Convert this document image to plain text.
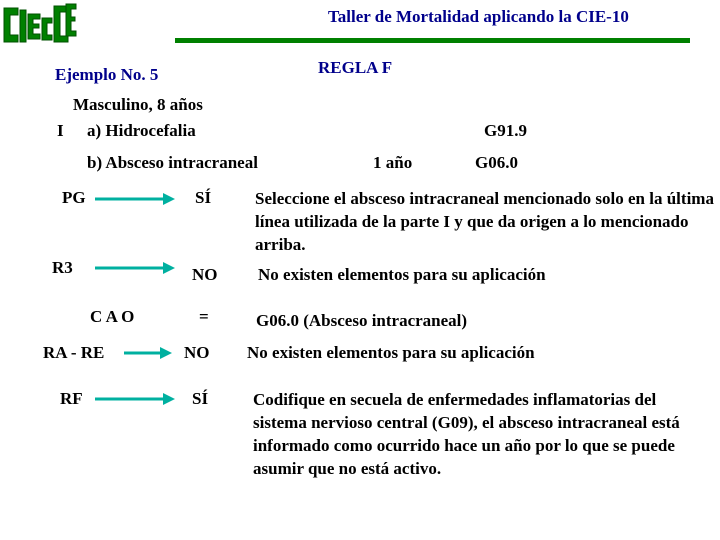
Taller de Mortalidad aplicando la CIE-10
Ejemplo No. 5	REGLA F
Masculino, 8 años
I a) Hidrocefalia	G91.9
b) Absceso intracraneal	1 año	G06.0
PG	SÍ	Seleccione el absceso intracraneal mencionado solo en la última línea utilizada de la parte I y que da origen a lo mencionado arriba.
R3	NO No existen elementos para su aplicación
C A O	=	G06.0 (Absceso intracraneal)
RA - RE	NO No existen elementos para su aplicación
RF	SÍ	Codifique en secuela de enfermedades inflamatorias del sistema nervioso central (G09), el absceso intracraneal está informado como ocurrido hace un año por lo que se puede asumir que no está activo.
